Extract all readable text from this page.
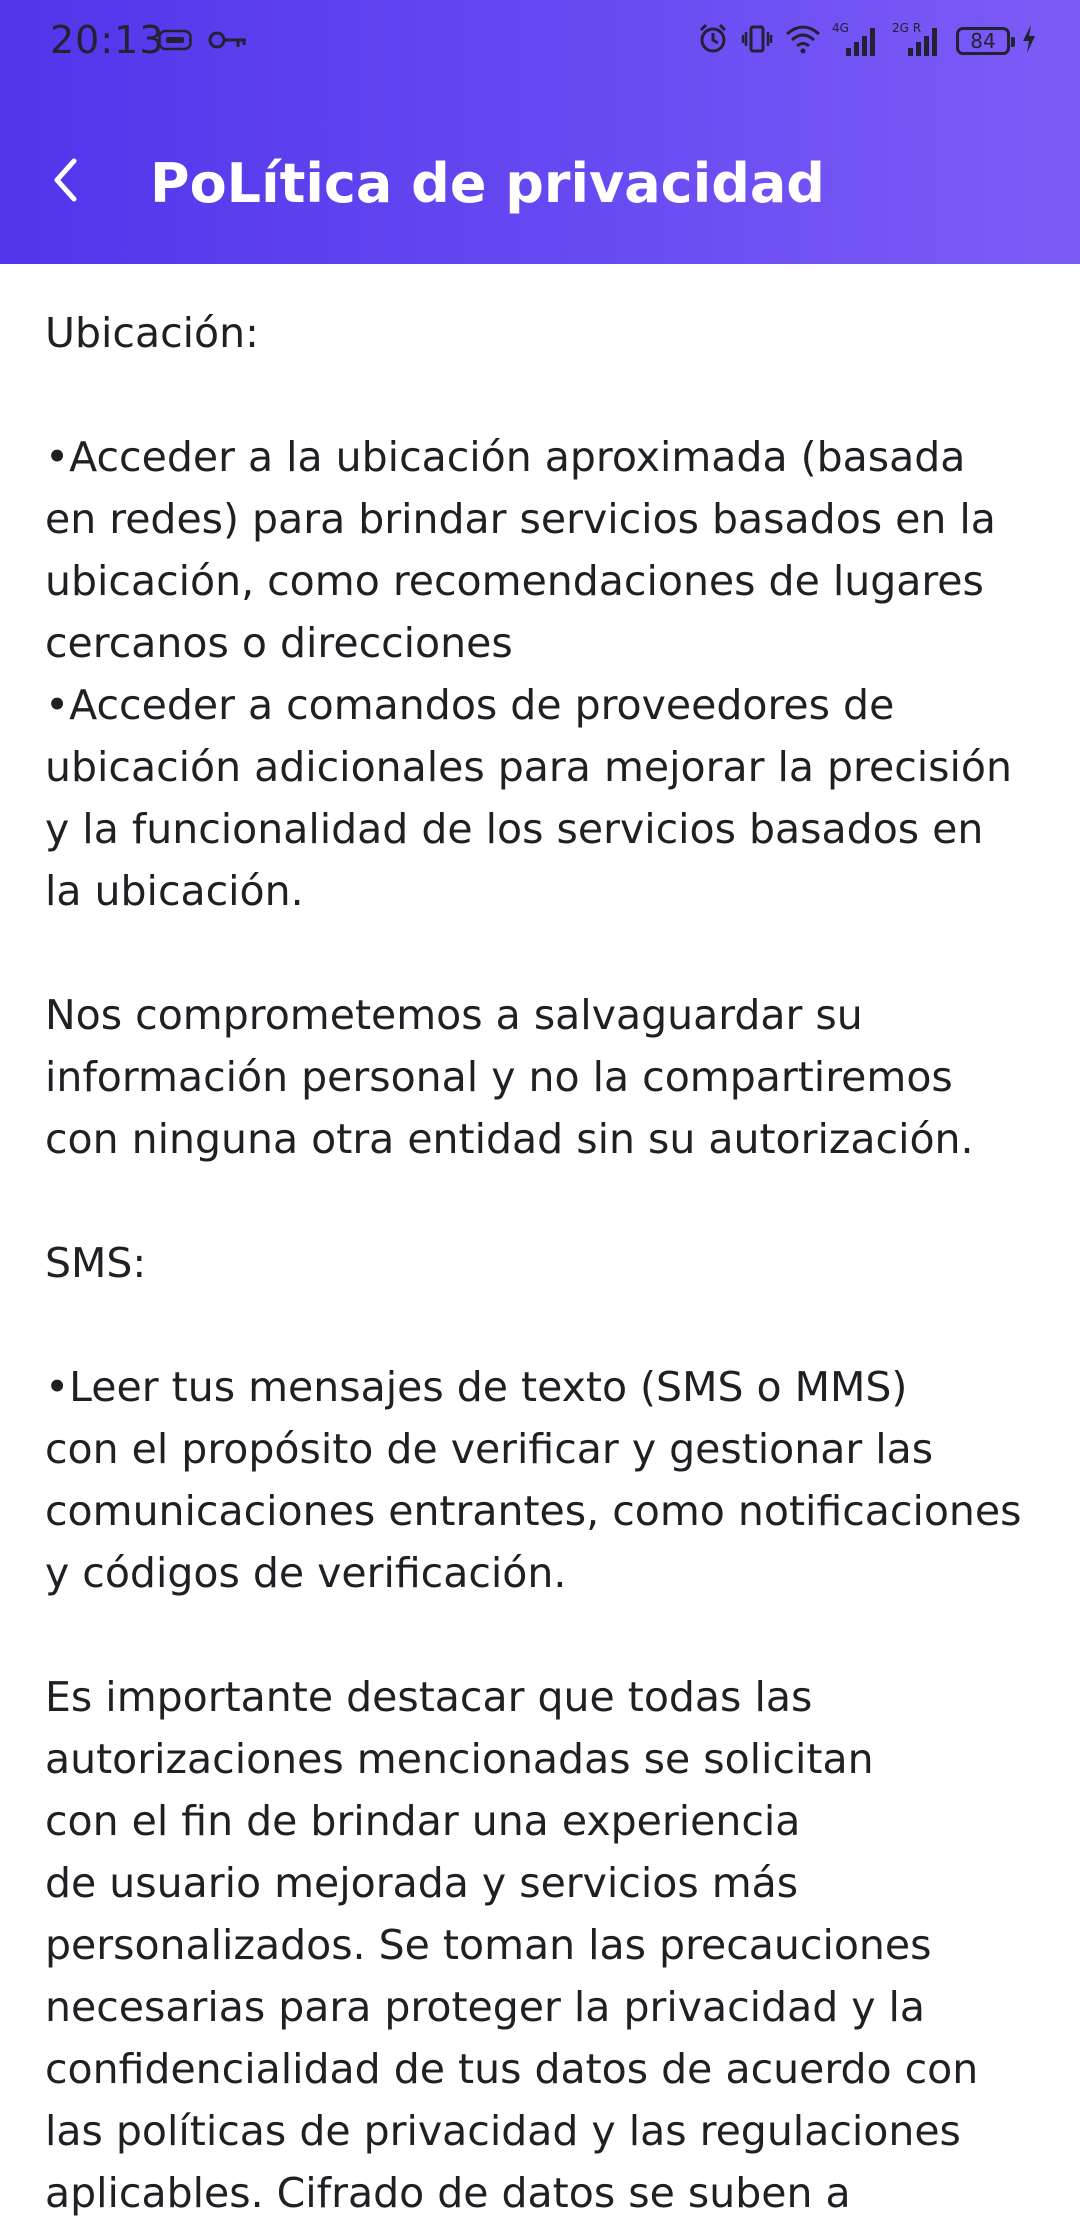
20:13	4G	2G R
84
PoLítica de privacidad

Ubicación:

•Acceder a la ubicación aproximada (basada
en redes) para brindar servicios basados en la
ubicación, como recomendaciones de lugares
cercanos o direcciones
•Acceder a comandos de proveedores de
ubicación adicionales para mejorar la precisión
y la funcionalidad de los servicios basados en
la ubicación.

Nos comprometemos a salvaguardar su
información personal y no la compartiremos
con ninguna otra entidad sin su autorización.

SMS:

•Leer tus mensajes de texto (SMS o MMS)
con el propósito de verificar y gestionar las
comunicaciones entrantes, como notificaciones
y códigos de verificación.

Es importante destacar que todas las
autorizaciones mencionadas se solicitan
con el fin de brindar una experiencia
de usuario mejorada y servicios más
personalizados. Se toman las precauciones
necesarias para proteger la privacidad y la
confidencialidad de tus datos de acuerdo con
las políticas de privacidad y las regulaciones
aplicables. Cifrado de datos se suben a
